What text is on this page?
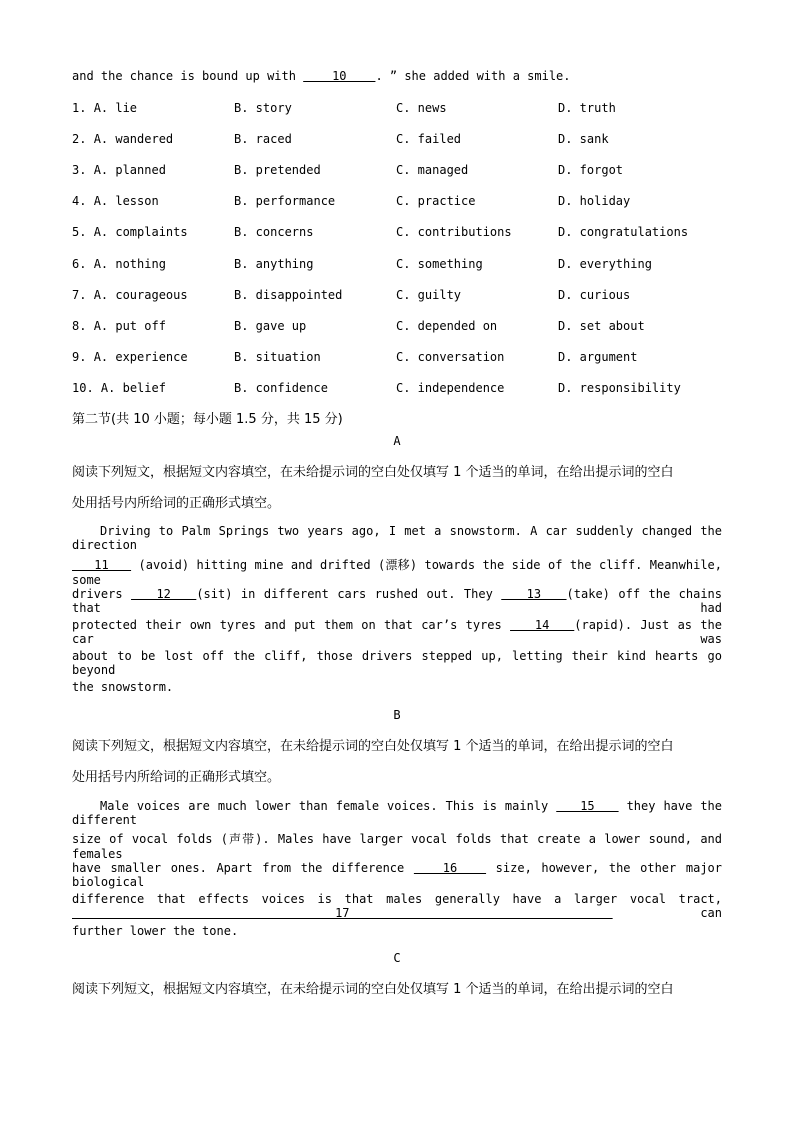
and the chance is bound up with     10    . ” she added with a smile.
1. A. lie	B. story	C. news	D. truth
2. A. wandered	B. raced	C. failed	D. sank
3. A. planned	B. pretended	C. managed	D. forgot
4. A. lesson	B. performance	C. practice	D. holiday
5. A. complaints	B. concerns	C. contributions	D. congratulations
6. A. nothing	B. anything	C. something	D. everything
7. A. courageous	B. disappointed	C. guilty	D. curious
8. A. put off	B. gave up	C. depended on	D. set about
9. A. experience	B. situation	C. conversation	D. argument
10. A. belief	B. confidence	C. independence	D. responsibility
第二节(共 10 小题；每小题 1.5 分，共 15 分)
A
阅读下列短文，根据短文内容填空，在未给提示词的空白处仅填写 1 个适当的单词，在给出提示词的空白
处用括号内所给词的正确形式填空。
Driving to Palm Springs two years ago, I met a snowstorm. A car suddenly changed the direction
11    (avoid) hitting mine and drifted (漂移) towards the side of the cliff. Meanwhile, some
drivers    12   (sit) in different cars rushed out. They    13   (take) off the chains that had
protected their own tyres and put them on that car’s tyres    14   (rapid). Just as the car was
about to be lost off the cliff, those drivers stepped up, letting their kind hearts go beyond
the snowstorm.
B
阅读下列短文，根据短文内容填空，在未给提示词的空白处仅填写 1 个适当的单词，在给出提示词的空白
处用括号内所给词的正确形式填空。
Male voices are much lower than female voices. This is mainly    15    they have the different
size of vocal folds (声带). Males have larger vocal folds that create a lower sound, and females
have smaller ones. Apart from the difference    16    size, however, the other major biological
difference that effects voices is that males generally have a larger vocal tract,    17    can
further lower the tone.
C
阅读下列短文，根据短文内容填空，在未给提示词的空白处仅填写 1 个适当的单词，在给出提示词的空白
